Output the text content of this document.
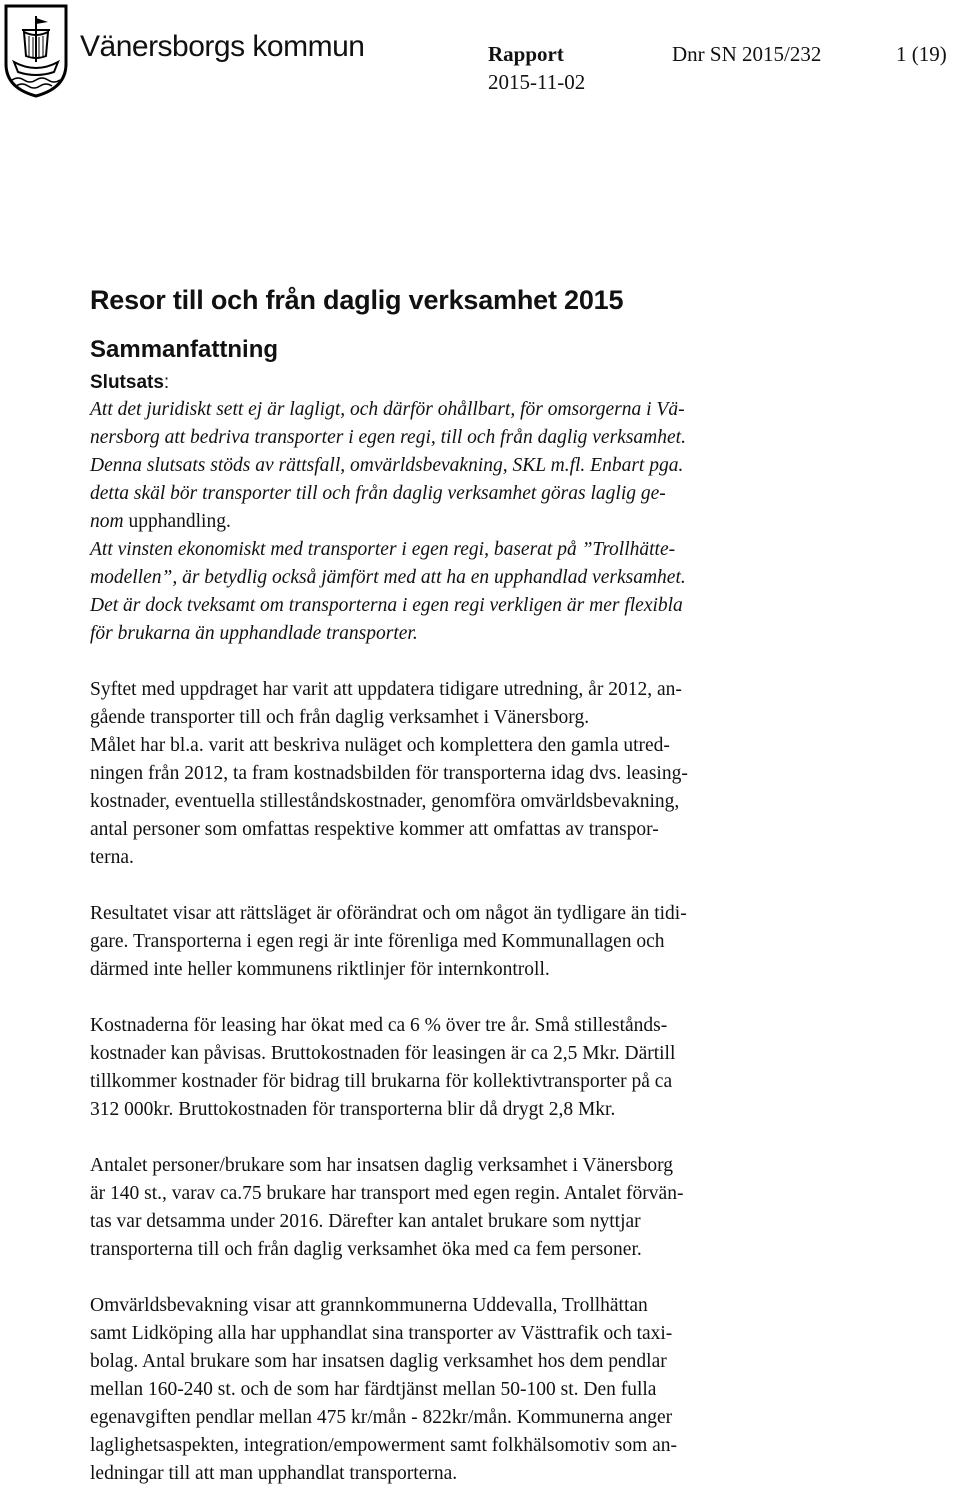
Vänersborgs kommun	Rapport
2015-11-02
Dnr SN 2015/232	1 (19)
Resor till och från daglig verksamhet 2015
Sammanfattning
Slutsats:
Att det juridiskt sett ej är lagligt, och därför ohållbart, för omsorgerna i Vä-
nersborg att bedriva transporter i egen regi, till och från daglig verksamhet.
Denna slutsats stöds av rättsfall, omvärldsbevakning, SKL m.fl. Enbart pga.
detta skäl bör transporter till och från daglig verksamhet göras laglig ge-
nom upphandling.
Att vinsten ekonomiskt med transporter i egen regi, baserat på ”Trollhätte-
modellen”, är betydlig också jämfört med att ha en upphandlad verksamhet.
Det är dock tveksamt om transporterna i egen regi verkligen är mer flexibla
för brukarna än upphandlade transporter.

Syftet med uppdraget har varit att uppdatera tidigare utredning, år 2012, an-
gående transporter till och från daglig verksamhet i Vänersborg.
Målet har bl.a. varit att beskriva nuläget och komplettera den gamla utred-
ningen från 2012, ta fram kostnadsbilden för transporterna idag dvs. leasing-
kostnader, eventuella stilleståndskostnader, genomföra omvärldsbevakning,
antal personer som omfattas respektive kommer att omfattas av transpor-
terna.

Resultatet visar att rättsläget är oförändrat och om något än tydligare än tidi-
gare. Transporterna i egen regi är inte förenliga med Kommunallagen och
därmed inte heller kommunens riktlinjer för internkontroll.

Kostnaderna för leasing har ökat med ca 6 % över tre år. Små stillestånds-
kostnader kan påvisas. Bruttokostnaden för leasingen är ca 2,5 Mkr. Därtill
tillkommer kostnader för bidrag till brukarna för kollektivtransporter på ca
312 000kr. Bruttokostnaden för transporterna blir då drygt 2,8 Mkr.

Antalet personer/brukare som har insatsen daglig verksamhet i Vänersborg
är 140 st., varav ca.75 brukare har transport med egen regin. Antalet förvän-
tas var detsamma under 2016. Därefter kan antalet brukare som nyttjar
transporterna till och från daglig verksamhet öka med ca fem personer.

Omvärldsbevakning visar att grannkommunerna Uddevalla, Trollhättan
samt Lidköping alla har upphandlat sina transporter av Västtrafik och taxi-
bolag. Antal brukare som har insatsen daglig verksamhet hos dem pendlar
mellan 160-240 st. och de som har färdtjänst mellan 50-100 st. Den fulla
egenavgiften pendlar mellan 475 kr/mån - 822kr/mån. Kommunerna anger
laglighetsaspekten, integration/empowerment samt folkhälsomotiv som an-
ledningar till att man upphandlat transporterna.
